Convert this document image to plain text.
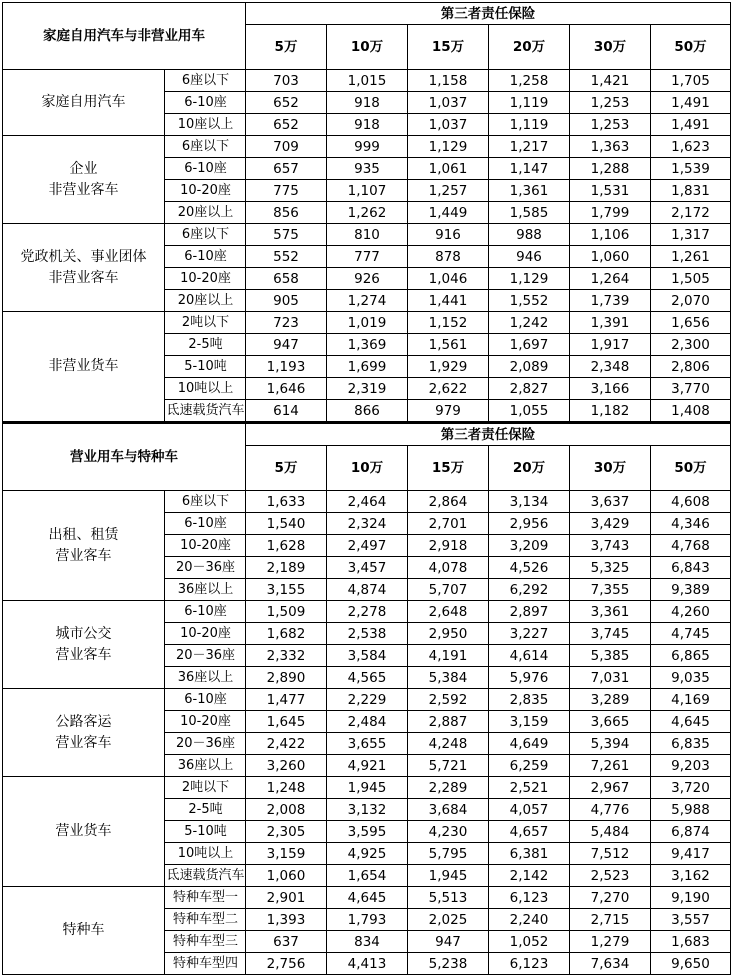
家庭自用汽车与非营业用车		第三者责任保险					
		5万	10万	15万	20万	30万	50万

家庭自用汽车	6座以下	703	1,015	1,158	1,258	1,421	1,705
	6-10座	652	918	1,037	1,119	1,253	1,491
	10座以上	652	918	1,037	1,119	1,253	1,491

企业
非营业客车	6座以下	709	999	1,129	1,217	1,363	1,623
	6-10座	657	935	1,061	1,147	1,288	1,539
	10-20座	775	1,107	1,257	1,361	1,531	1,831
	20座以上	856	1,262	1,449	1,585	1,799	2,172

党政机关、事业团体
非营业客车	6座以下	575	810	916	988	1,106	1,317
	6-10座	552	777	878	946	1,060	1,261
	10-20座	658	926	1,046	1,129	1,264	1,505
	20座以上	905	1,274	1,441	1,552	1,739	2,070

非营业货车	2吨以下	723	1,019	1,152	1,242	1,391	1,656
	2-5吨	947	1,369	1,561	1,697	1,917	2,300
	5-10吨	1,193	1,699	1,929	2,089	2,348	2,806
	10吨以上	1,646	2,319	2,622	2,827	3,166	3,770
	氐速载货汽车	614	866	979	1,055	1,182	1,408
营业用车与特种车		第三者责任保险					
		5万	10万	15万	20万	30万	50万

出租、租赁
营业客车	6座以下	1,633	2,464	2,864	3,134	3,637	4,608
	6-10座	1,540	2,324	2,701	2,956	3,429	4,346
	10-20座	1,628	2,497	2,918	3,209	3,743	4,768
	20－36座	2,189	3,457	4,078	4,526	5,325	6,843
	36座以上	3,155	4,874	5,707	6,292	7,355	9,389

城市公交
营业客车	6-10座	1,509	2,278	2,648	2,897	3,361	4,260
	10-20座	1,682	2,538	2,950	3,227	3,745	4,745
	20－36座	2,332	3,584	4,191	4,614	5,385	6,865
	36座以上	2,890	4,565	5,384	5,976	7,031	9,035

公路客运
营业客车	6-10座	1,477	2,229	2,592	2,835	3,289	4,169
	10-20座	1,645	2,484	2,887	3,159	3,665	4,645
	20－36座	2,422	3,655	4,248	4,649	5,394	6,835
	36座以上	3,260	4,921	5,721	6,259	7,261	9,203

营业货车	2吨以下	1,248	1,945	2,289	2,521	2,967	3,720
	2-5吨	2,008	3,132	3,684	4,057	4,776	5,988
	5-10吨	2,305	3,595	4,230	4,657	5,484	6,874
	10吨以上	3,159	4,925	5,795	6,381	7,512	9,417
	氐速载货汽车	1,060	1,654	1,945	2,142	2,523	3,162

特种车	特种车型一	2,901	4,645	5,513	6,123	7,270	9,190
	特种车型二	1,393	1,793	2,025	2,240	2,715	3,557
	特种车型三	637	834	947	1,052	1,279	1,683
	特种车型四	2,756	4,413	5,238	6,123	7,634	9,650
